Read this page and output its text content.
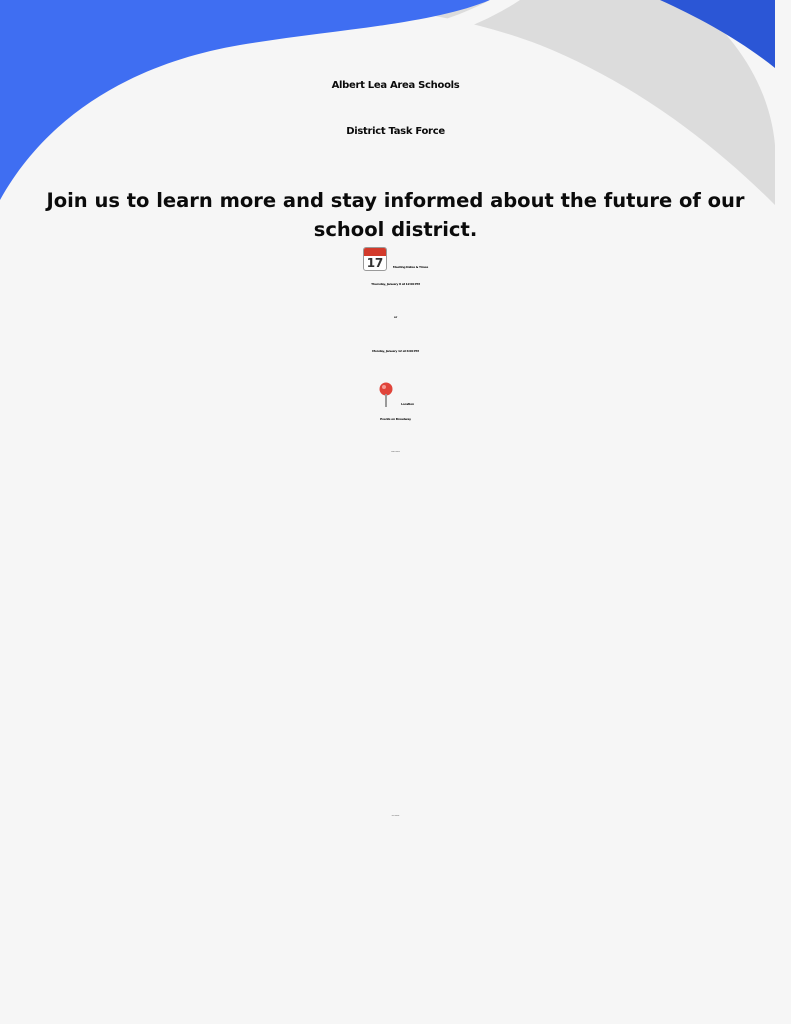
Albert Lea Area Schools
District Task Force
Join us to learn more and stay informed about the future of our school district.
17	Meeting Dates & Times
Thursday, January 8 at 12:00 PM
or
Monday, January 12 at 6:00 PM
Location
Events on Broadway
What to Expect
Food Options
